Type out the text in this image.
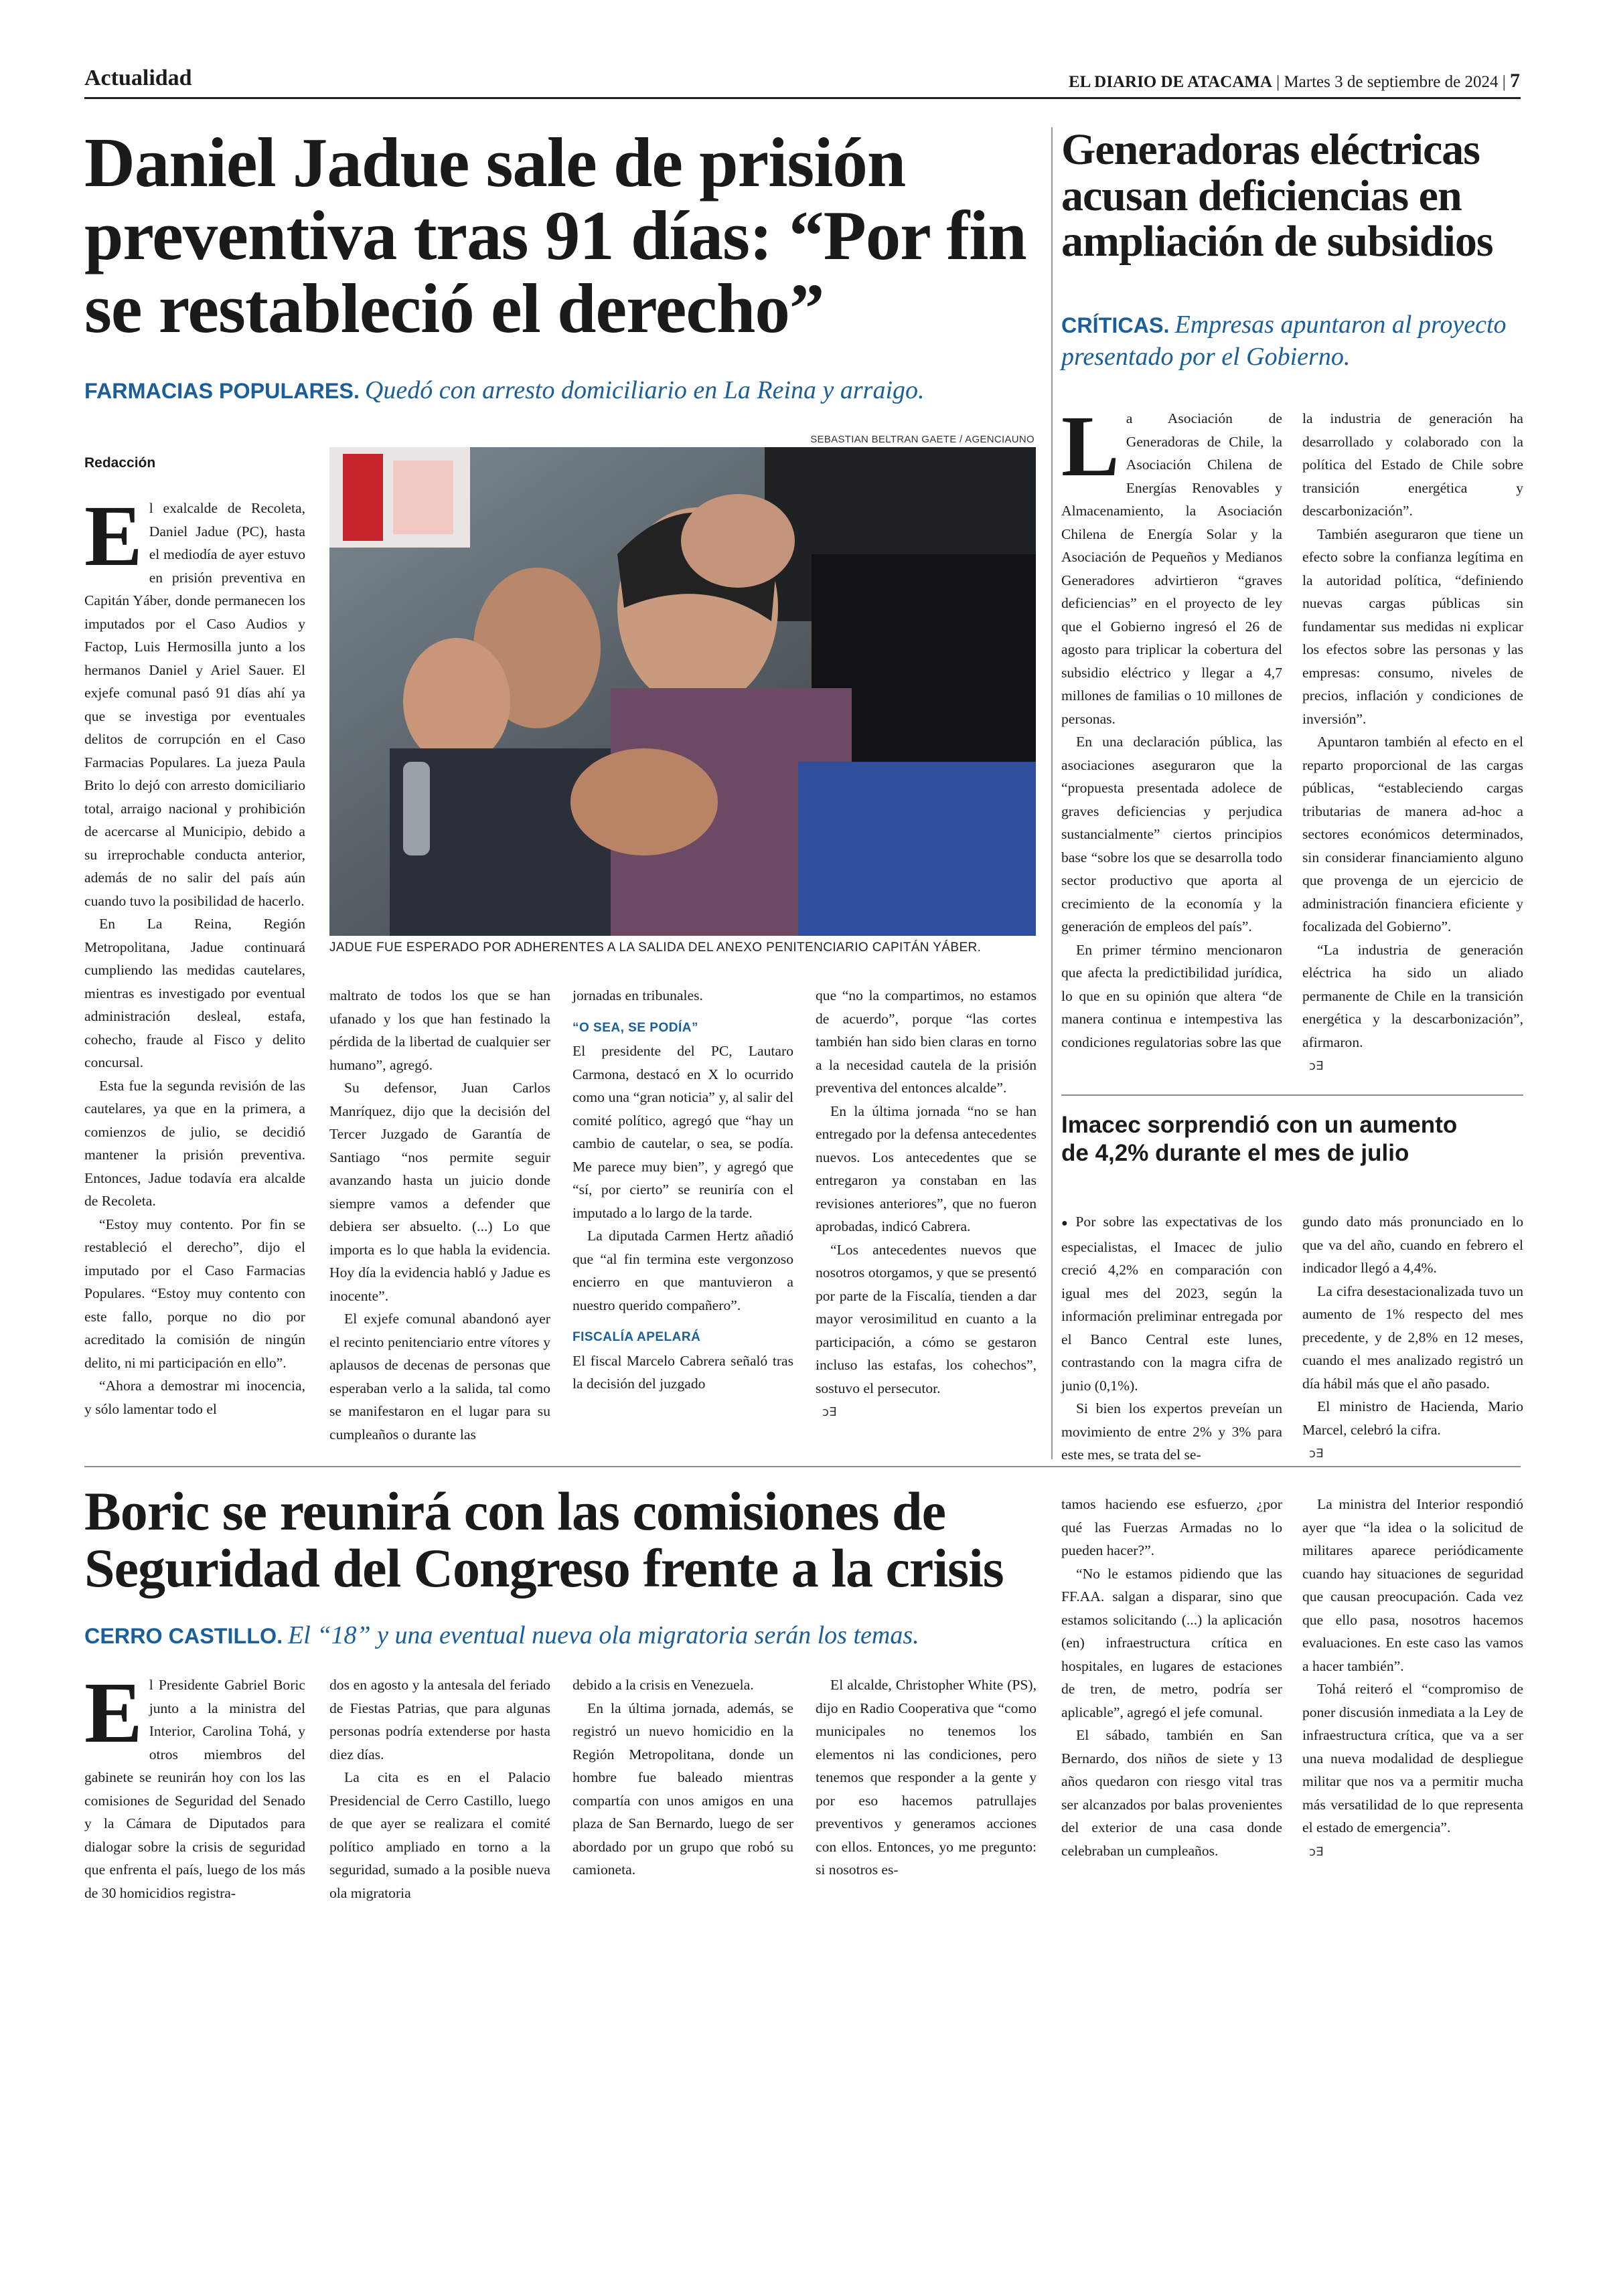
Actualidad	EL DIARIO DE ATACAMA | Martes 3 de septiembre de 2024 | 7
Daniel Jadue sale de prisión preventiva tras 91 días: “Por fin se restableció el derecho”
FARMACIAS POPULARES. Quedó con arresto domiciliario en La Reina y arraigo.
Redacción
SEBASTIAN BELTRAN GAETE / AGENCIAUNO
JADUE FUE ESPERADO POR ADHERENTES A LA SALIDA DEL ANEXO PENITENCIARIO CAPITÁN YÁBER.
E l exalcalde de Recoleta, Daniel Jadue (PC), hasta el mediodía de ayer estuvo en prisión preventiva en Capitán Yáber, donde permanecen los imputados por el Caso Audios y Factop, Luis Hermosilla junto a los hermanos Daniel y Ariel Sauer. El exjefe comunal pasó 91 días ahí ya que se investiga por eventuales delitos de corrupción en el Caso Farmacias Populares. La jueza Paula Brito lo dejó con arresto domiciliario total, arraigo nacional y prohibición de acercarse al Municipio, debido a su irreprochable conducta anterior, además de no salir del país aún cuando tuvo la posibilidad de hacerlo.

En La Reina, Región Metropolitana, Jadue continuará cumpliendo las medidas cautelares, mientras es investigado por eventual administración desleal, estafa, cohecho, fraude al Fisco y delito concursal.

Esta fue la segunda revisión de las cautelares, ya que en la primera, a comienzos de julio, se decidió mantener la prisión preventiva. Entonces, Jadue todavía era alcalde de Recoleta.

“Estoy muy contento. Por fin se restableció el derecho”, dijo el imputado por el Caso Farmacias Populares. “Estoy muy contento con este fallo, porque no dio por acreditado la comisión de ningún delito, ni mi participación en ello”.

“Ahora a demostrar mi inocencia, y sólo lamentar todo el

maltrato de todos los que se han ufanado y los que han festinado la pérdida de la libertad de cualquier ser humano”, agregó.

Su defensor, Juan Carlos Manríquez, dijo que la decisión del Tercer Juzgado de Garantía de Santiago “nos permite seguir avanzando hasta un juicio donde siempre vamos a defender que debiera ser absuelto. (...) Lo que importa es lo que habla la evidencia. Hoy día la evidencia habló y Jadue es inocente”.

El exjefe comunal abandonó ayer el recinto penitenciario entre vítores y aplausos de decenas de personas que esperaban verlo a la salida, tal como se manifestaron en el lugar para su cumpleaños o durante las

jornadas en tribunales.

“O SEA, SE PODÍA”

El presidente del PC, Lautaro Carmona, destacó en X lo ocurrido como una “gran noticia” y, al salir del comité político, agregó que “hay un cambio de cautelar, o sea, se podía. Me parece muy bien”, y agregó que “sí, por cierto” se reuniría con el imputado a lo largo de la tarde.

La diputada Carmen Hertz añadió que “al fin termina este vergonzoso encierro en que mantuvieron a nuestro querido compañero”.

FISCALÍA APELARÁ

El fiscal Marcelo Cabrera señaló tras la decisión del juzgado

que “no la compartimos, no estamos de acuerdo”, porque “las cortes también han sido bien claras en torno a la necesidad cautela de la prisión preventiva del entonces alcalde”.

En la última jornada “no se han entregado por la defensa antecedentes nuevos. Los antecedentes que se entregaron ya constaban en las revisiones anteriores”, que no fueron aprobadas, indicó Cabrera.

“Los antecedentes nuevos que nosotros otorgamos, y que se presentó por parte de la Fiscalía, tienden a dar mayor verosimilitud en cuanto a la participación, a cómo se gestaron incluso las estafas, los cohechos”, sostuvo el persecutor.

ɔ∃
Generadoras eléctricas acusan deficiencias en ampliación de subsidios
CRÍTICAS. Empresas apuntaron al proyecto presentado por el Gobierno.
L a Asociación de Generadoras de Chile, la Asociación Chilena de Energías Renovables y Almacenamiento, la Asociación Chilena de Energía Solar y la Asociación de Pequeños y Medianos Generadores advirtieron “graves deficiencias” en el proyecto de ley que el Gobierno ingresó el 26 de agosto para triplicar la cobertura del subsidio eléctrico y llegar a 4,7 millones de familias o 10 millones de personas.

En una declaración pública, las asociaciones aseguraron que la “propuesta presentada adolece de graves deficiencias y perjudica sustancialmente” ciertos principios base “sobre los que se desarrolla todo sector productivo que aporta al crecimiento de la economía y la generación de empleos del país”.

En primer término mencionaron que afecta la predictibilidad jurídica, lo que en su opinión que altera “de manera continua e intempestiva las condiciones regulatorias sobre las que

la industria de generación ha desarrollado y colaborado con la política del Estado de Chile sobre transición energética y descarbonización”.

También aseguraron que tiene un efecto sobre la confianza legítima en la autoridad política, “definiendo nuevas cargas públicas sin fundamentar sus medidas ni explicar los efectos sobre las personas y las empresas: consumo, niveles de precios, inflación y condiciones de inversión”.

Apuntaron también al efecto en el reparto proporcional de las cargas públicas, “estableciendo cargas tributarias de manera ad-hoc a sectores económicos determinados, sin considerar financiamiento alguno que provenga de un ejercicio de administración financiera eficiente y focalizada del Gobierno”.

“La industria de generación eléctrica ha sido un aliado permanente de Chile en la transición energética y la descarbonización”, afirmaron.

ɔ∃
Imacec sorprendió con un aumento de 4,2% durante el mes de julio

● Por sobre las expectativas de los especialistas, el Imacec de julio creció 4,2% en comparación con igual mes del 2023, según la información preliminar entregada por el Banco Central este lunes, contrastando con la magra cifra de junio (0,1%).

Si bien los expertos preveían un movimiento de entre 2% y 3% para este mes, se trata del se-

gundo dato más pronunciado en lo que va del año, cuando en febrero el indicador llegó a 4,4%.

La cifra desestacionalizada tuvo un aumento de 1% respecto del mes precedente, y de 2,8% en 12 meses, cuando el mes analizado registró un día hábil más que el año pasado.

El ministro de Hacienda, Mario Marcel, celebró la cifra.

ɔ∃
Boric se reunirá con las comisiones de Seguridad del Congreso frente a la crisis
CERRO CASTILLO. El “18” y una eventual nueva ola migratoria serán los temas.
E l Presidente Gabriel Boric junto a la ministra del Interior, Carolina Tohá, y otros miembros del gabinete se reunirán hoy con los las comisiones de Seguridad del Senado y la Cámara de Diputados para dialogar sobre la crisis de seguridad que enfrenta el país, luego de los más de 30 homicidios registra-

dos en agosto y la antesala del feriado de Fiestas Patrias, que para algunas personas podría extenderse por hasta diez días.

La cita es en el Palacio Presidencial de Cerro Castillo, luego de que ayer se realizara el comité político ampliado en torno a la seguridad, sumado a la posible nueva ola migratoria

debido a la crisis en Venezuela.

En la última jornada, además, se registró un nuevo homicidio en la Región Metropolitana, donde un hombre fue baleado mientras compartía con unos amigos en una plaza de San Bernardo, luego de ser abordado por un grupo que robó su camioneta.

El alcalde, Christopher White (PS), dijo en Radio Cooperativa que “como municipales no tenemos los elementos ni las condiciones, pero tenemos que responder a la gente y por eso hacemos patrullajes preventivos y generamos acciones con ellos. Entonces, yo me pregunto: si nosotros es-

tamos haciendo ese esfuerzo, ¿por qué las Fuerzas Armadas no lo pueden hacer?”.

“No le estamos pidiendo que las FF.AA. salgan a disparar, sino que estamos solicitando (...) la aplicación (en) infraestructura crítica en hospitales, en lugares de estaciones de tren, de metro, podría ser aplicable”, agregó el jefe comunal.

El sábado, también en San Bernardo, dos niños de siete y 13 años quedaron con riesgo vital tras ser alcanzados por balas provenientes del exterior de una casa donde celebraban un cumpleaños.

La ministra del Interior respondió ayer que “la idea o la solicitud de militares aparece periódicamente cuando hay situaciones de seguridad que causan preocupación. Cada vez que ello pasa, nosotros hacemos evaluaciones. En este caso las vamos a hacer también”.

Tohá reiteró el “compromiso de poner discusión inmediata a la Ley de infraestructura crítica, que va a ser una nueva modalidad de despliegue militar que nos va a permitir mucha más versatilidad de lo que representa el estado de emergencia”.

ɔ∃
